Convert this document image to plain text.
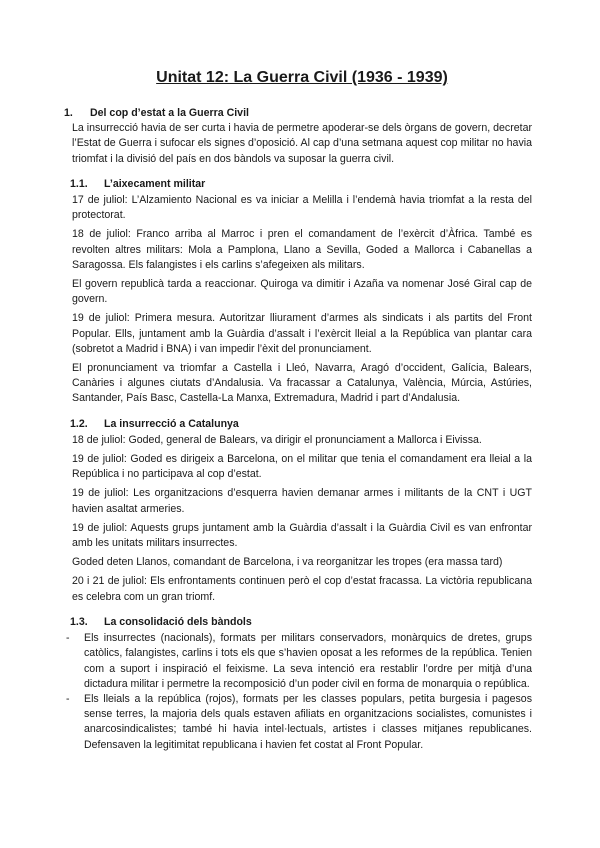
Unitat 12: La Guerra Civil (1936 - 1939)
1.	Del cop d’estat a la Guerra Civil

La insurrecció havia de ser curta i havia de permetre apoderar-se dels òrgans de govern, decretar l’Estat de Guerra i sufocar els signes d’oposició. Al cap d’una setmana aquest cop militar no havia triomfat i la divisió del país en dos bàndols va suposar la guerra civil.

1.1.	L’aixecament militar

17 de juliol: L’Alzamiento Nacional es va iniciar a Melilla i l’endemà havia triomfat a la resta del protectorat.

18 de juliol: Franco arriba al Marroc i pren el comandament de l’exèrcit d’Àfrica. També es revolten altres militars: Mola a Pamplona, Llano a Sevilla, Goded a Mallorca i Cabanellas a Saragossa. Els falangistes i els carlins s’afegeixen als militars.

El govern republicà tarda a reaccionar. Quiroga va dimitir i Azaña va nomenar José Giral cap de govern.

19 de juliol: Primera mesura. Autoritzar lliurament d’armes als sindicats i als partits del Front Popular. Ells, juntament amb la Guàrdia d’assalt i l’exèrcit lleial a la República van plantar cara (sobretot a Madrid i BNA) i van impedir l’èxit del pronunciament.

El pronunciament va triomfar a Castella i Lleó, Navarra, Aragó d’occident, Galícia, Balears, Canàries i algunes ciutats d’Andalusia. Va fracassar a Catalunya, València, Múrcia, Astúries, Santander, País Basc, Castella-La Manxa, Extremadura, Madrid i part d’Andalusia.

1.2.	La insurrecció a Catalunya

18 de juliol: Goded, general de Balears, va dirigir el pronunciament a Mallorca i Eivissa.

19 de juliol: Goded es dirigeix a Barcelona, on el militar que tenia el comandament era lleial a la República i no participava al cop d’estat.

19 de juliol: Les organitzacions d’esquerra havien demanar armes i militants de la CNT i UGT havien asaltat armeries.

19 de juliol: Aquests grups juntament amb la Guàrdia d’assalt i la Guàrdia Civil es van enfrontar amb les unitats militars insurrectes.

Goded deten Llanos, comandant de Barcelona, i va reorganitzar les tropes (era massa tard)

20 i 21 de juliol: Els enfrontaments continuen però el cop d’estat fracassa. La victòria republicana es celebra com un gran triomf.

1.3.	La consolidació dels bàndols
- Els insurrectes (nacionals), formats per militars conservadors, monàrquics de dretes, grups catòlics, falangistes, carlins i tots els que s’havien oposat a les reformes de la república. Tenien com a suport i inspiració el feixisme. La seva intenció era restablir l’ordre per mitjà d’una dictadura militar i permetre la recomposició d’un poder civil en forma de monarquia o república.
- Els lleials a la república (rojos), formats per les classes populars, petita burgesia i pagesos sense terres, la majoria dels quals estaven afiliats en organitzacions socialistes, comunistes i anarcosindicalistes; també hi havia intel·lectuals, artistes i classes mitjanes republicanes. Defensaven la legitimitat republicana i havien fet costat al Front Popular.
